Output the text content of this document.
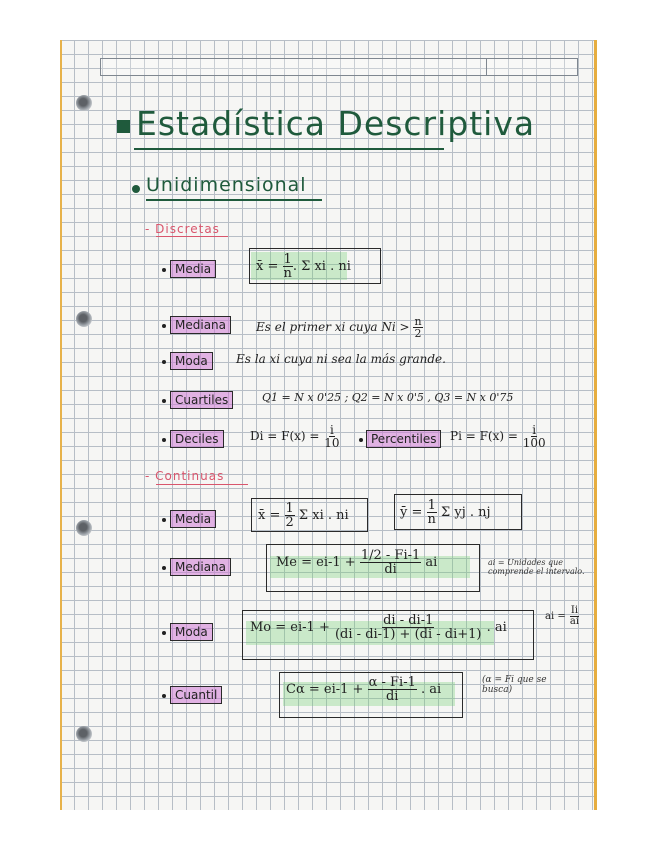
Estadística Descriptiva
Unidimensional
- Discretas
Media	x̄ = $\frac{1}{n}$ . Σ xi . ni
Mediana	Es el primer xi cuya $Ni > \frac{n}{2}$
Moda	Es la xi cuya ni sea la más grande.
Cuartiles	Q1 = N x 0'25 ; Q2 = N x 0'5 , Q3 = N x 0'75
Deciles	$Di = F(x) = \frac{i}{10}$	Percentiles	$Pi = F(x) = \frac{i}{100}$
- Continuas
Media	x̄ = $\frac{1}{2}$ Σ xi . ni	ȳ = $\frac{1}{n}$ Σ yj . nj
Mediana	$Me = ei-1 + \frac{1/2 - Fi-1}{di}$ ai	ai = Unidades que comprende el intervalo.
Moda	$Mo = ei-1 + \frac{di - di-1}{(di - di-1) + (di - di+1)}$ . ai
ai = $\frac{Ii}{ai}$
Cuantil	$C\alpha = ei-1 + \frac{\alpha - Fi-1}{di}$ . ai
(α = Fi que se busca)
